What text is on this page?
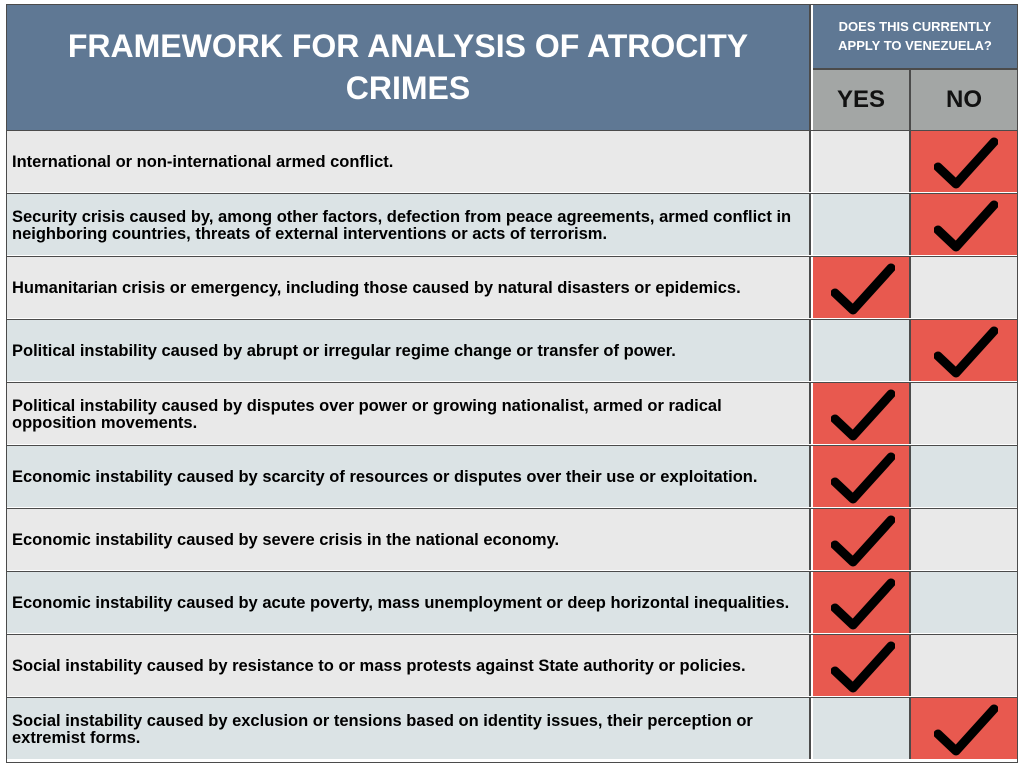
FRAMEWORK FOR ANALYSIS OF ATROCITY CRIMES
DOES THIS CURRENTLY APPLY TO VENEZUELA?
YES	NO
International or non-international armed conflict.
Security crisis caused by, among other factors, defection from peace agreements, armed conflict in neighboring countries, threats of external interventions or acts of terrorism.
Humanitarian crisis or emergency, including those caused by natural disasters or epidemics.
Political instability caused by abrupt or irregular regime change or transfer of power.
Political instability caused by disputes over power or growing nationalist, armed or radical opposition movements.
Economic instability caused by scarcity of resources or disputes over their use or exploitation.
Economic instability caused by severe crisis in the national economy.
Economic instability caused by acute poverty, mass unemployment or deep horizontal inequalities.
Social instability caused by resistance to or mass protests against State authority or policies.
Social instability caused by exclusion or tensions based on identity issues, their perception or extremist forms.
